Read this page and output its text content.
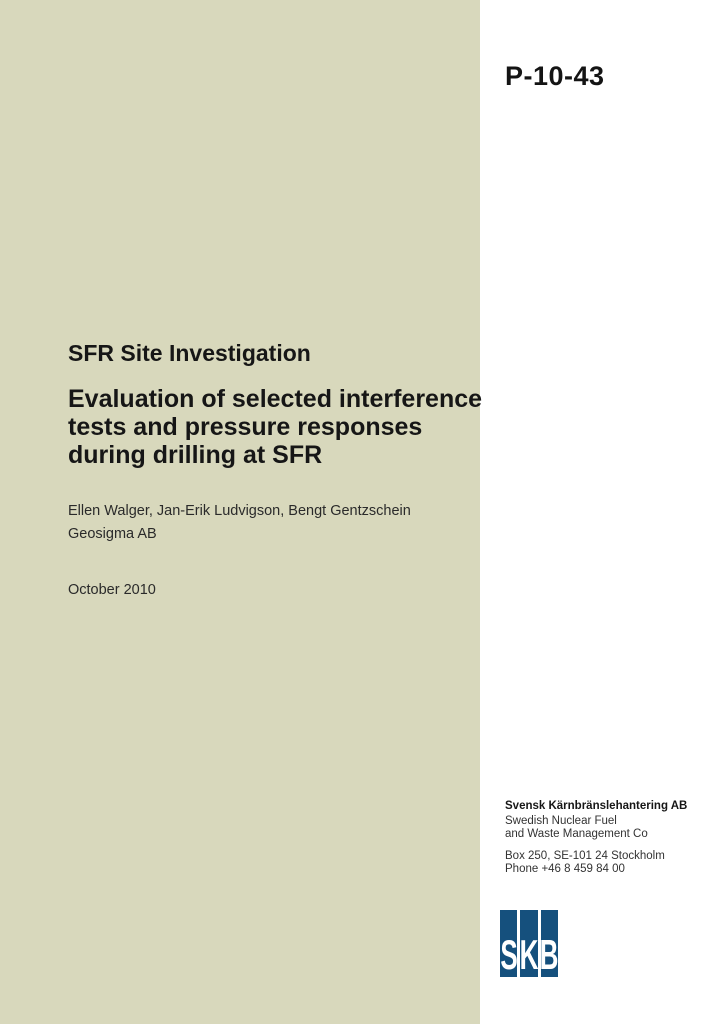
P-10-43
SFR Site Investigation
Evaluation of selected interference
tests and pressure responses
during drilling at SFR
Ellen Walger, Jan-Erik Ludvigson, Bengt Gentzschein
Geosigma AB
October 2010
Svensk Kärnbränslehantering AB
Swedish Nuclear Fuel
and Waste Management Co
Box 250, SE-101 24 Stockholm
Phone +46 8 459 84 00
S K B
